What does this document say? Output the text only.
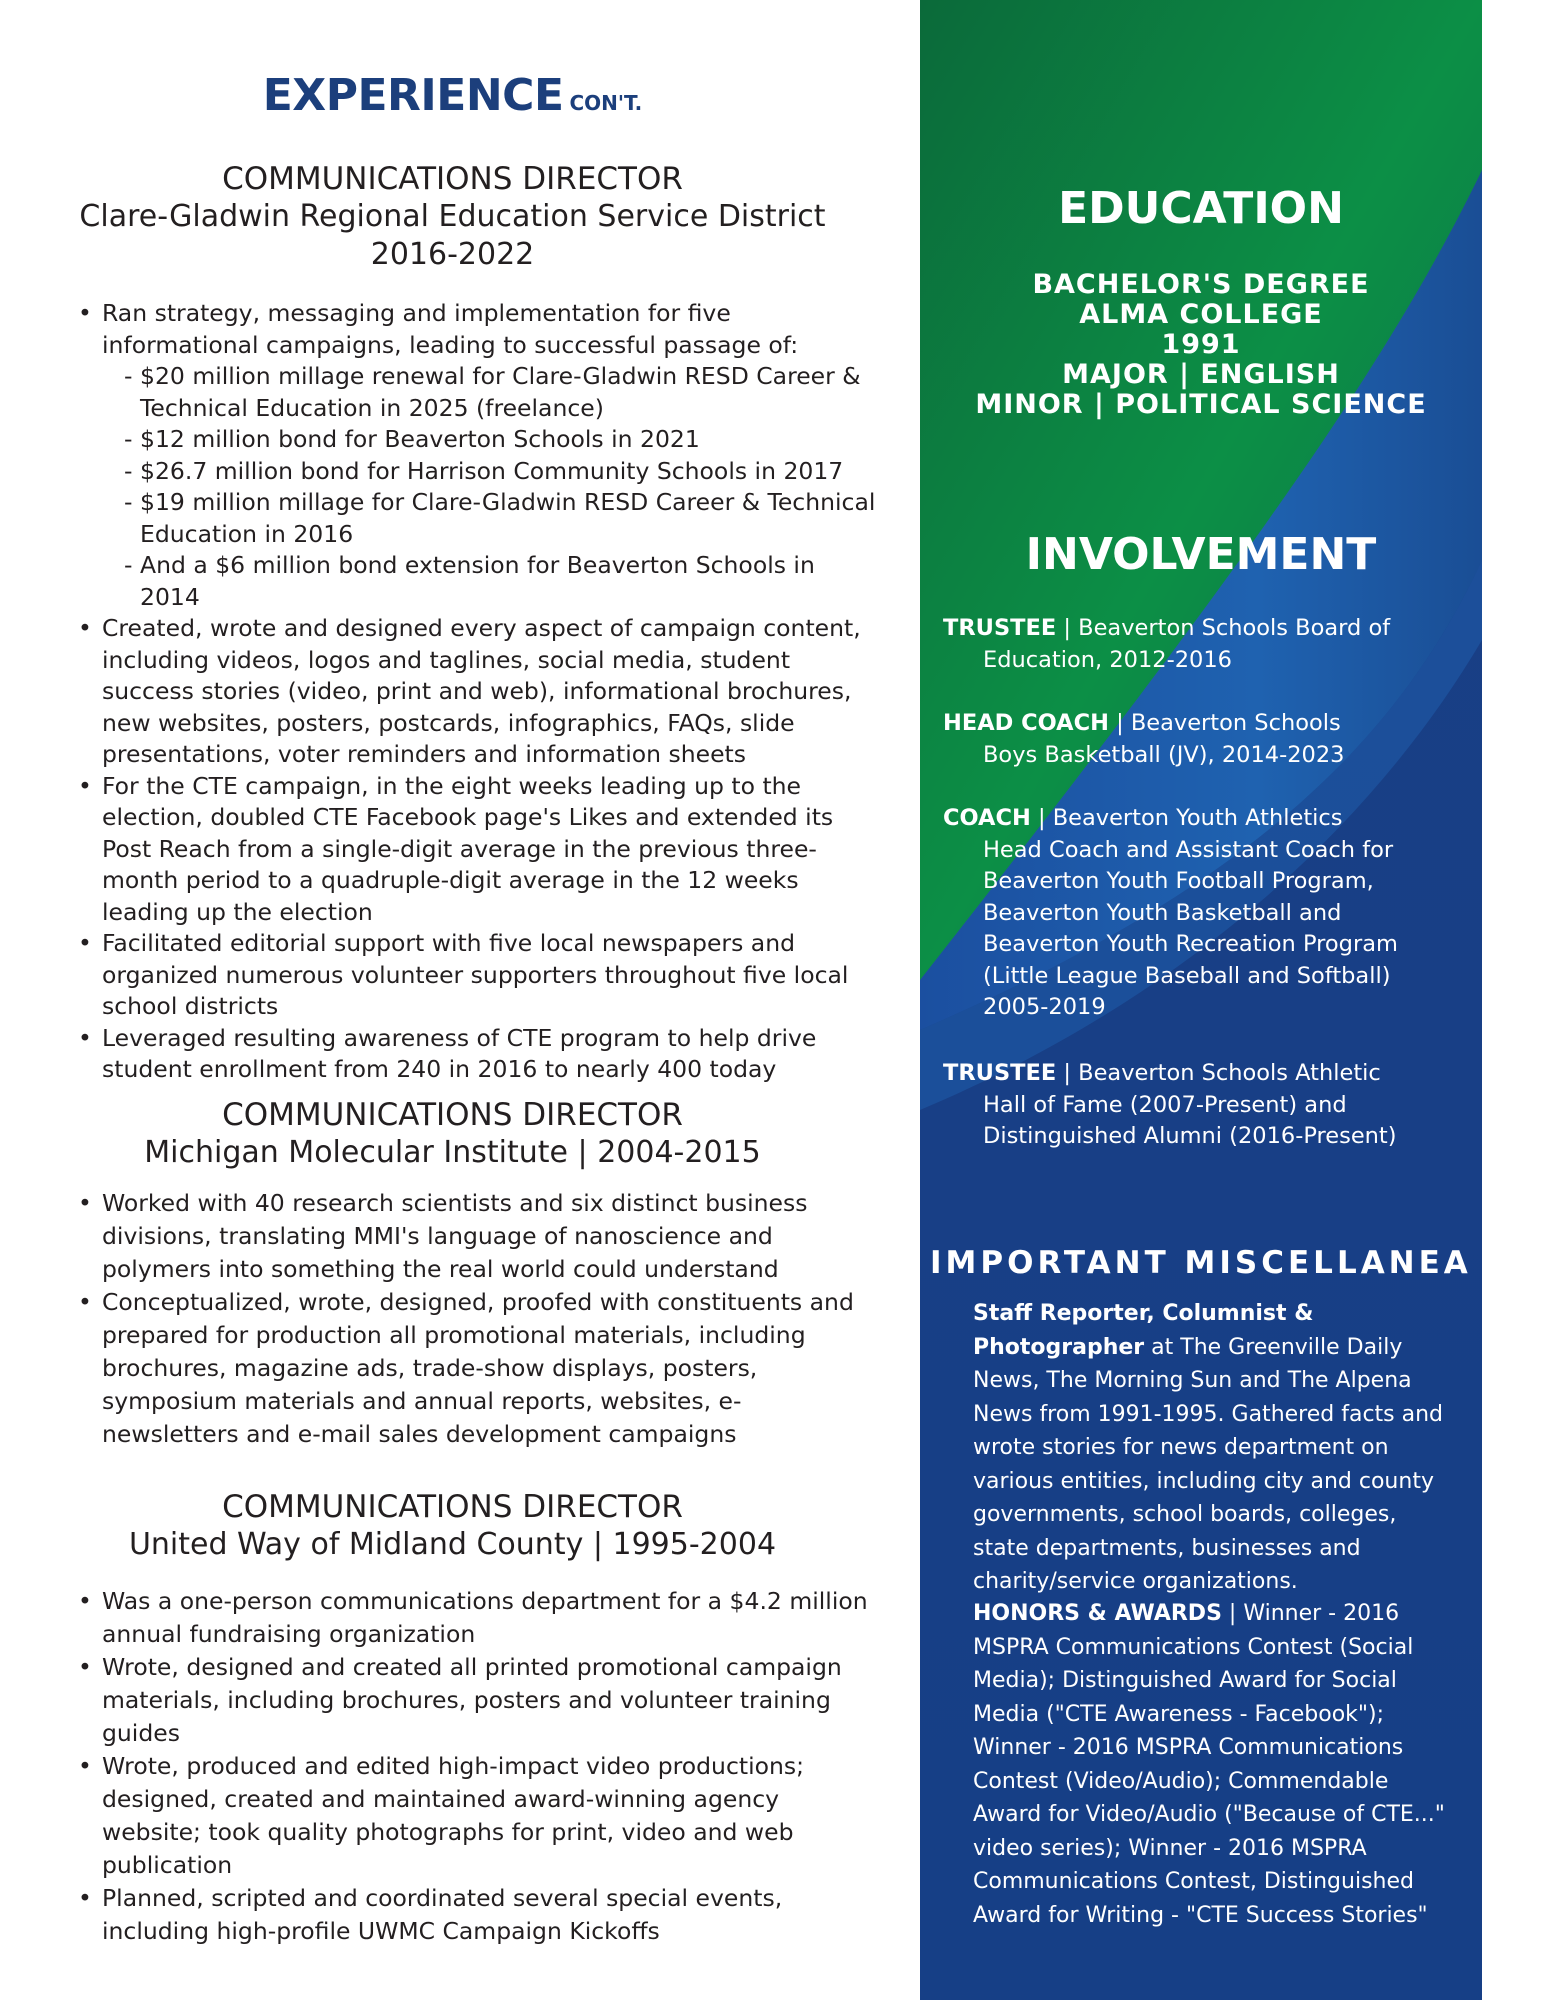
EXPERIENCE CON'T.
COMMUNICATIONS DIRECTOR
Clare-Gladwin Regional Education Service District
2016-2022
• Ran strategy, messaging and implementation for five informational campaigns, leading to successful passage of:
- $20 million millage renewal for Clare-Gladwin RESD Career & Technical Education in 2025 (freelance)
- $12 million bond for Beaverton Schools in 2021
- $26.7 million bond for Harrison Community Schools in 2017
- $19 million millage for Clare-Gladwin RESD Career & Technical Education in 2016
- And a $6 million bond extension for Beaverton Schools in 2014
• Created, wrote and designed every aspect of campaign content, including videos, logos and taglines, social media, student success stories (video, print and web), informational brochures, new websites, posters, postcards, infographics, FAQs, slide presentations, voter reminders and information sheets
• For the CTE campaign, in the eight weeks leading up to the election, doubled CTE Facebook page's Likes and extended its Post Reach from a single-digit average in the previous three-month period to a quadruple-digit average in the 12 weeks leading up the election
• Facilitated editorial support with five local newspapers and organized numerous volunteer supporters throughout five local school districts
• Leveraged resulting awareness of CTE program to help drive student enrollment from 240 in 2016 to nearly 400 today
COMMUNICATIONS DIRECTOR
Michigan Molecular Institute | 2004-2015
• Worked with 40 research scientists and six distinct business divisions, translating MMI's language of nanoscience and polymers into something the real world could understand
• Conceptualized, wrote, designed, proofed with constituents and prepared for production all promotional materials, including brochures, magazine ads, trade-show displays, posters, symposium materials and annual reports, websites, e-newsletters and e-mail sales development campaigns
COMMUNICATIONS DIRECTOR
United Way of Midland County | 1995-2004
• Was a one-person communications department for a $4.2 million annual fundraising organization
• Wrote, designed and created all printed promotional campaign materials, including brochures, posters and volunteer training guides
• Wrote, produced and edited high-impact video productions; designed, created and maintained award-winning agency website; took quality photographs for print, video and web publication
• Planned, scripted and coordinated several special events, including high-profile UWMC Campaign Kickoffs
EDUCATION
BACHELOR'S DEGREE
ALMA COLLEGE
1991
MAJOR | ENGLISH
MINOR | POLITICAL SCIENCE
INVOLVEMENT
TRUSTEE | Beaverton Schools Board of
Education, 2012-2016
HEAD COACH | Beaverton Schools
Boys Basketball (JV), 2014-2023
COACH | Beaverton Youth Athletics
Head Coach and Assistant Coach for
Beaverton Youth Football Program,
Beaverton Youth Basketball and
Beaverton Youth Recreation Program
(Little League Baseball and Softball)
2005-2019
TRUSTEE | Beaverton Schools Athletic
Hall of Fame (2007-Present) and
Distinguished Alumni (2016-Present)
IMPORTANT MISCELLANEA
Staff Reporter, Columnist & Photographer at The Greenville Daily News, The Morning Sun and The Alpena News from 1991-1995. Gathered facts and wrote stories for news department on various entities, including city and county governments, school boards, colleges, state departments, businesses and charity/service organizations.
HONORS & AWARDS | Winner - 2016 MSPRA Communications Contest (Social Media); Distinguished Award for Social Media ("CTE Awareness - Facebook"); Winner - 2016 MSPRA Communications Contest (Video/Audio); Commendable Award for Video/Audio ("Because of CTE..." video series); Winner - 2016 MSPRA Communications Contest, Distinguished Award for Writing - "CTE Success Stories"
